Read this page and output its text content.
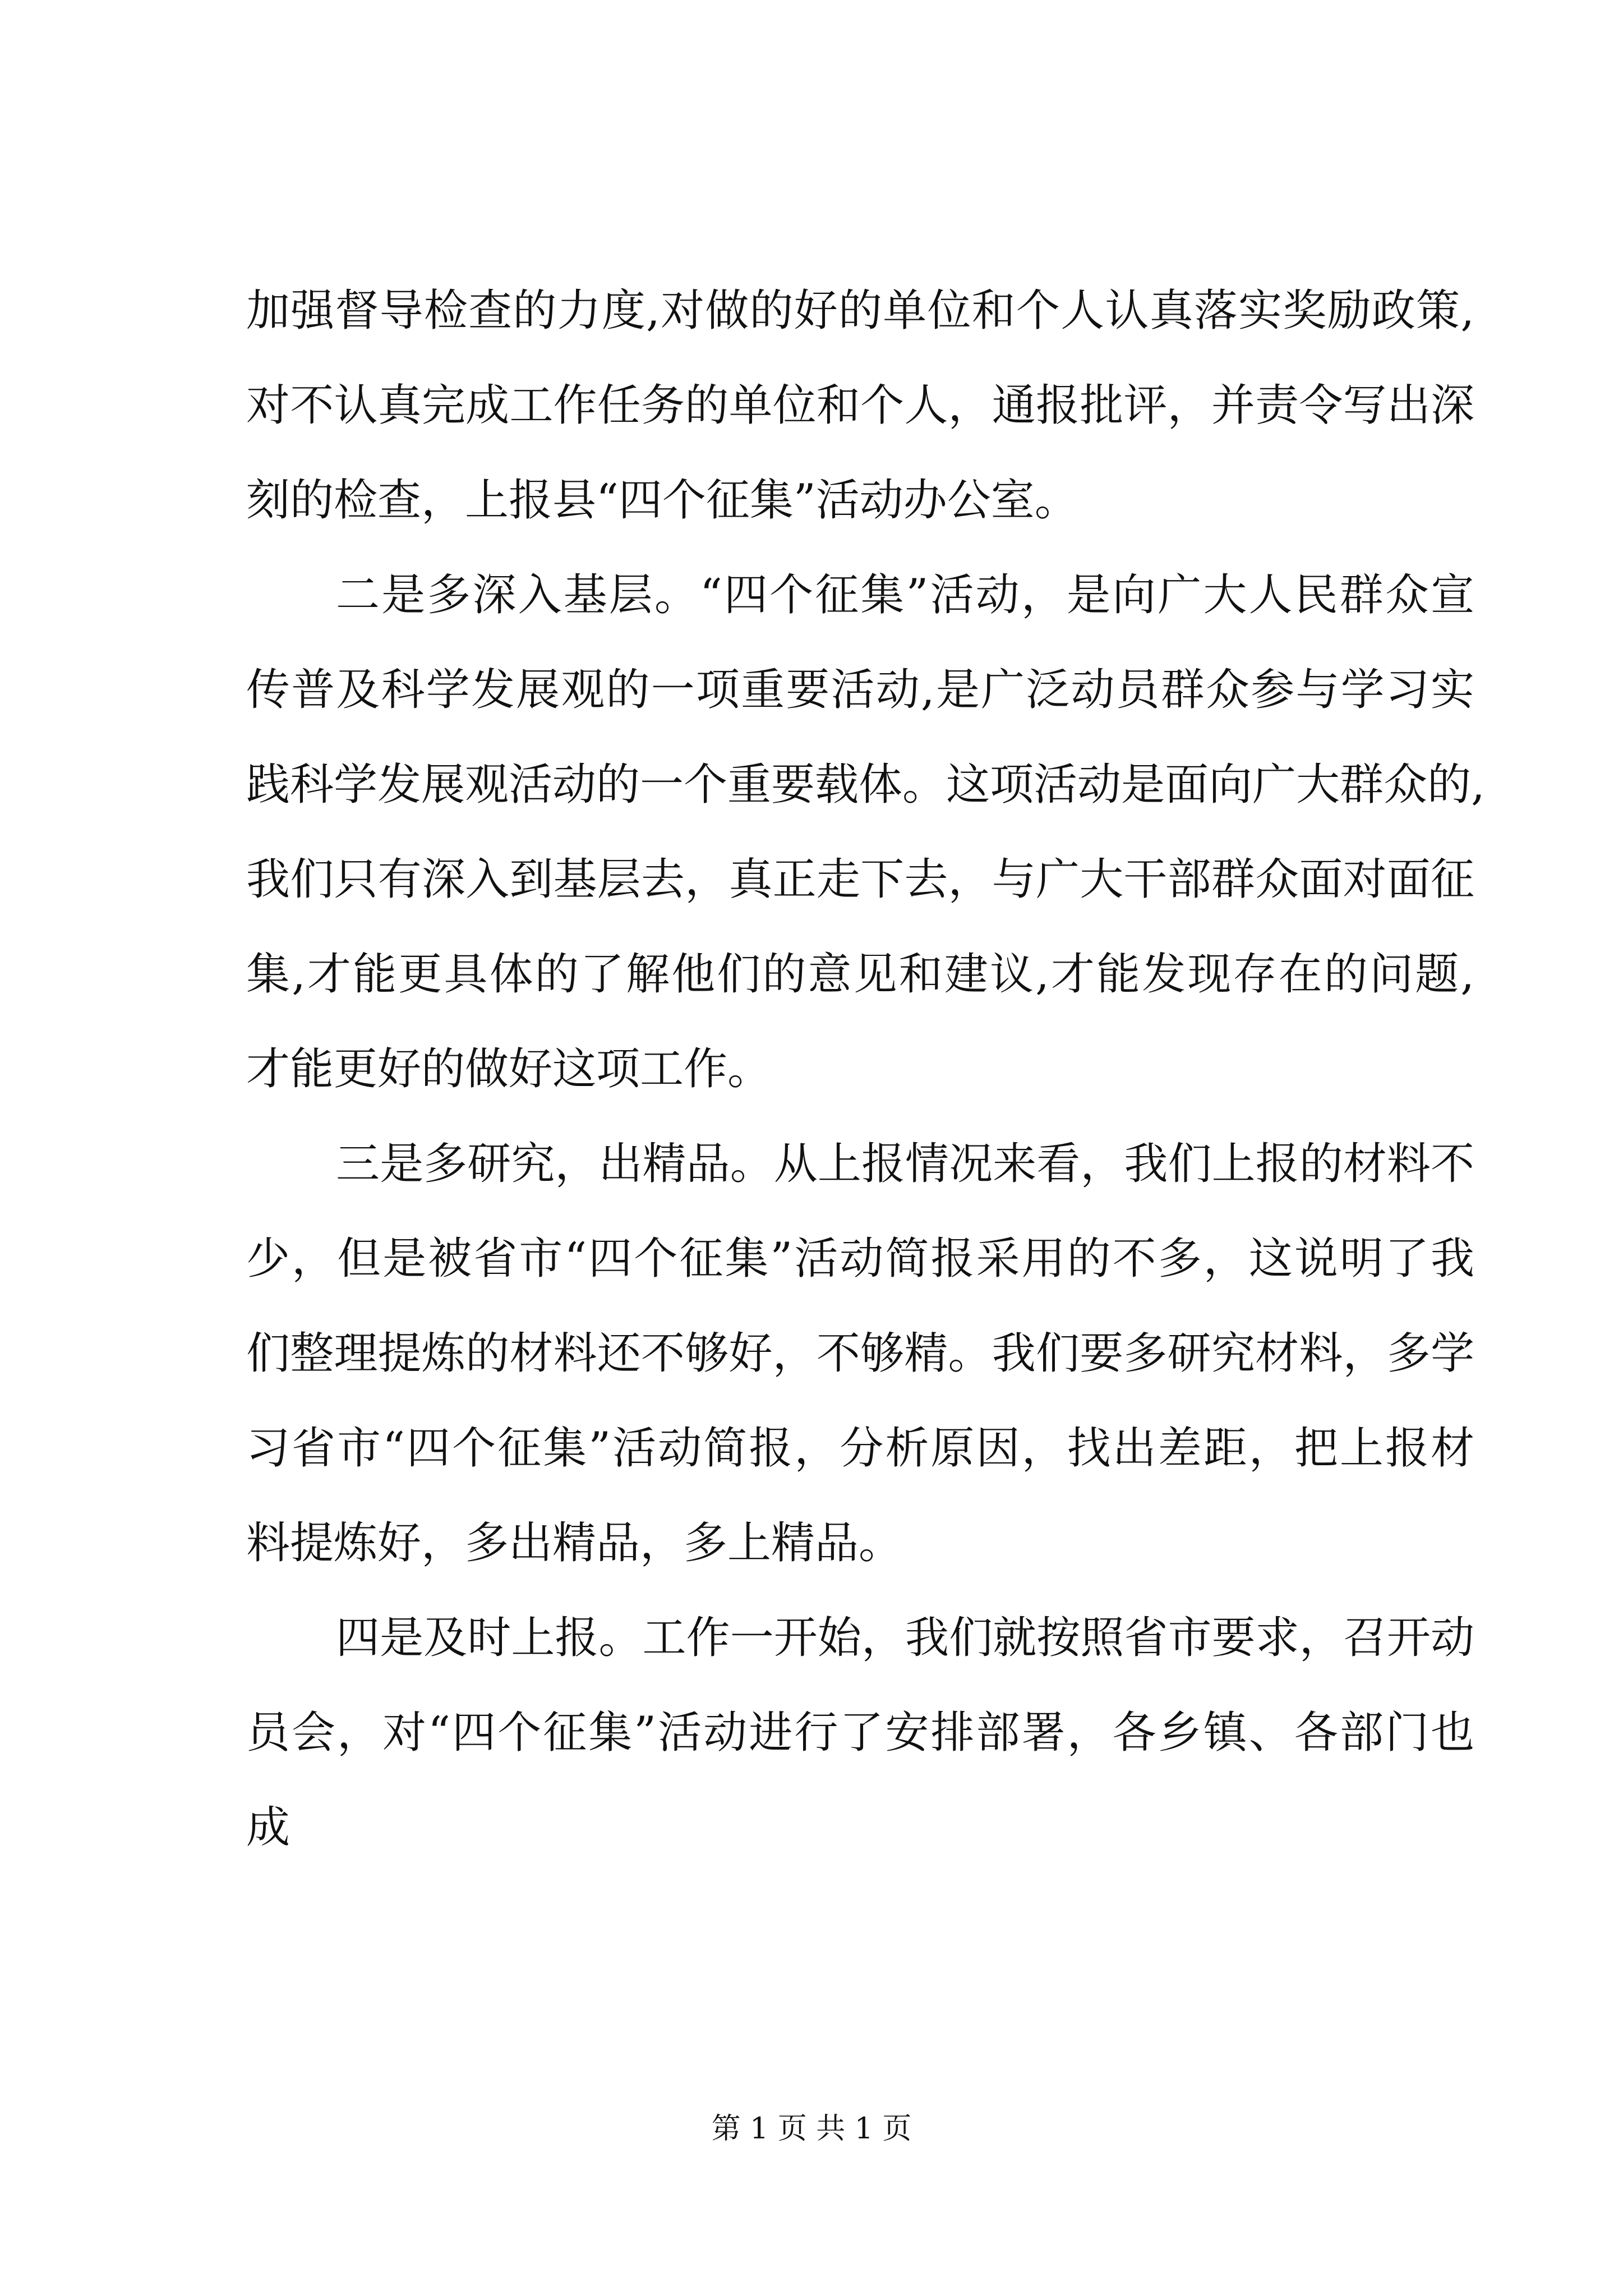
加强督导检查的力度,对做的好的单位和个人认真落实奖励政策,
对不认真完成工作任务的单位和个人，通报批评，并责令写出深
刻的检查，上报县“四个征集”活动办公室。
二是多深入基层。“四个征集”活动，是向广大人民群众宣
传普及科学发展观的一项重要活动,是广泛动员群众参与学习实
践科学发展观活动的一个重要载体。这项活动是面向广大群众的,
我们只有深入到基层去，真正走下去，与广大干部群众面对面征
集,才能更具体的了解他们的意见和建议,才能发现存在的问题,
才能更好的做好这项工作。
三是多研究，出精品。从上报情况来看，我们上报的材料不
少，但是被省市“四个征集”活动简报采用的不多，这说明了我
们整理提炼的材料还不够好，不够精。我们要多研究材料，多学
习省市“四个征集”活动简报，分析原因，找出差距，把上报材
料提炼好，多出精品，多上精品。
四是及时上报。工作一开始，我们就按照省市要求，召开动
员会，对“四个征集”活动进行了安排部署，各乡镇、各部门也
成
第 1 页 共 1 页
